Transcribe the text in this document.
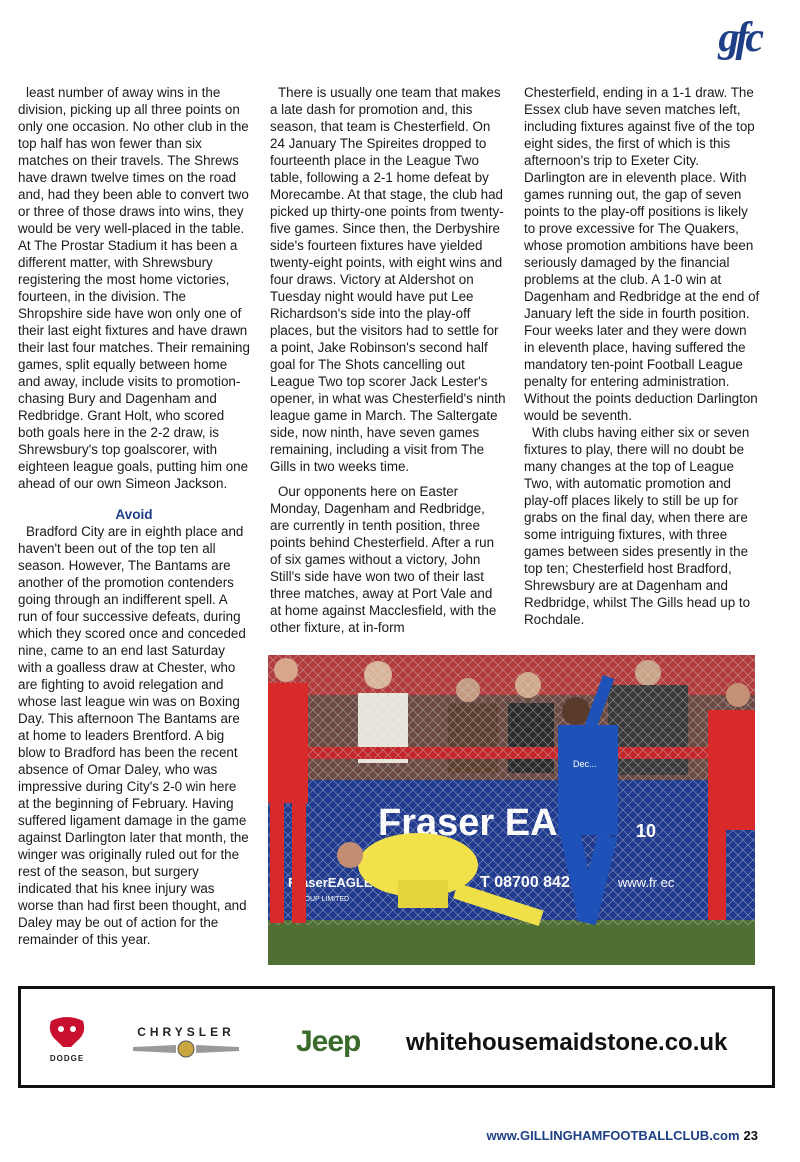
gfc

least number of away wins in the division, picking up all three points on only one occasion. No other club in the top half has won fewer than six matches on their travels. The Shrews have drawn twelve times on the road and, had they been able to convert two or three of those draws into wins, they would be very well-placed in the table. At The Prostar Stadium it has been a different matter, with Shrewsbury registering the most home victories, fourteen, in the division. The Shropshire side have won only one of their last eight fixtures and have drawn their last four matches. Their remaining games, split equally between home and away, include visits to promotion-chasing Bury and Dagenham and Redbridge. Grant Holt, who scored both goals here in the 2-2 draw, is Shrewsbury's top goalscorer, with eighteen league goals, putting him one ahead of our own Simeon Jackson.

Avoid

Bradford City are in eighth place and haven't been out of the top ten all season. However, The Bantams are another of the promotion contenders going through an indifferent spell. A run of four successive defeats, during which they scored once and conceded nine, came to an end last Saturday with a goalless draw at Chester, who are fighting to avoid relegation and whose last league win was on Boxing Day. This afternoon The Bantams are at home to leaders Brentford. A big blow to Bradford has been the recent absence of Omar Daley, who was impressive during City's 2-0 win here at the beginning of February. Having suffered ligament damage in the game against Darlington later that month, the winger was originally ruled out for the rest of the season, but surgery indicated that his knee injury was worse than had first been thought, and Daley may be out of action for the remainder of this year.

There is usually one team that makes a late dash for promotion and, this season, that team is Chesterfield. On 24 January The Spireites dropped to fourteenth place in the League Two table, following a 2-1 home defeat by Morecambe. At that stage, the club had picked up thirty-one points from twenty-five games. Since then, the Derbyshire side's fourteen fixtures have yielded twenty-eight points, with eight wins and four draws. Victory at Aldershot on Tuesday night would have put Lee Richardson's side into the play-off places, but the visitors had to settle for a point, Jake Robinson's second half goal for The Shots cancelling out League Two top scorer Jack Lester's opener, in what was Chesterfield's ninth league game in March. The Saltergate side, now ninth, have seven games remaining, including a visit from The Gills in two weeks time.

Our opponents here on Easter Monday, Dagenham and Redbridge, are currently in tenth position, three points behind Chesterfield. After a run of six games without a victory, John Still's side have won two of their last three matches, away at Port Vale and at home against Macclesfield, with the other fixture, at in-form

Chesterfield, ending in a 1-1 draw. The Essex club have seven matches left, including fixtures against five of the top eight sides, the first of which is this afternoon's trip to Exeter City. Darlington are in eleventh place. With games running out, the gap of seven points to the play-off positions is likely to prove excessive for The Quakers, whose promotion ambitions have been seriously damaged by the financial problems at the club. A 1-0 win at Dagenham and Redbridge at the end of January left the side in fourth position. Four weeks later and they were down in eleventh place, having suffered the mandatory ten-point Football League penalty for entering administration. Without the points deduction Darlington would be seventh.

With clubs having either six or seven fixtures to play, there will no doubt be many changes at the top of League Two, with automatic promotion and play-off places likely to still be up for grabs on the final day, when there are some intriguing fixtures, with three games between sides presently in the top ten; Chesterfield host Bradford, Shrewsbury are at Dagenham and Redbridge, whilst The Gills head up to Rochdale.

Dec...
10
DODGE
CHRYSLER	Jeep whitehousemaidstone.co.uk
www.GILLINGHAMFOOTBALLCLUB.com 23
